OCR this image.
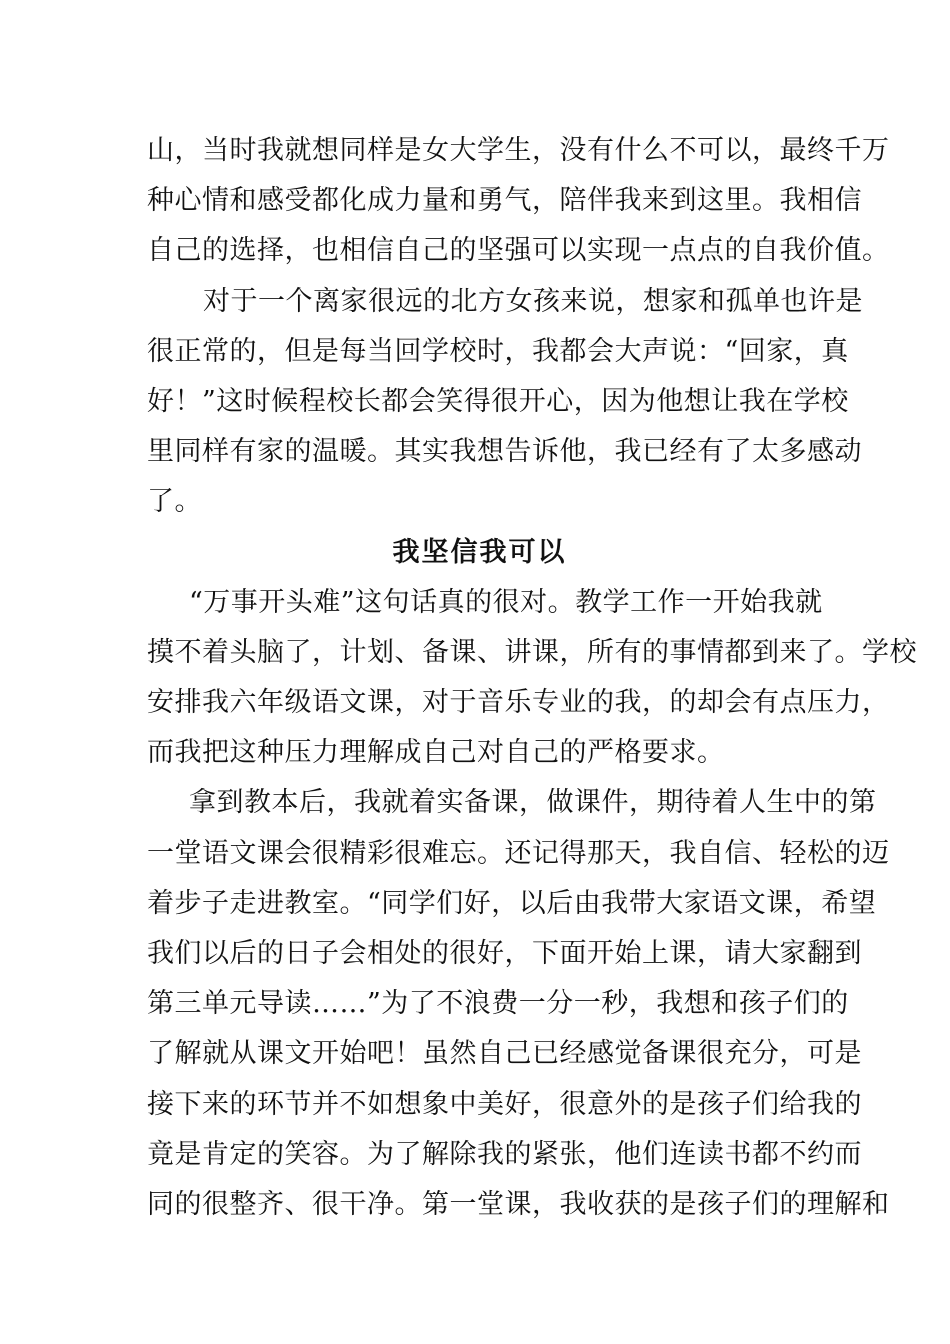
山，当时我就想同样是女大学生，没有什么不可以，最终千万
种心情和感受都化成力量和勇气，陪伴我来到这里。我相信
自己的选择，也相信自己的坚强可以实现一点点的自我价值。
对于一个离家很远的北方女孩来说，想家和孤单也许是
很正常的，但是每当回学校时，我都会大声说：“回家，真
好！”这时候程校长都会笑得很开心，因为他想让我在学校
里同样有家的温暖。其实我想告诉他，我已经有了太多感动
了。
我坚信我可以
“万事开头难”这句话真的很对。教学工作一开始我就
摸不着头脑了，计划、备课、讲课，所有的事情都到来了。学校
安排我六年级语文课，对于音乐专业的我，的却会有点压力，
而我把这种压力理解成自己对自己的严格要求。
拿到教本后，我就着实备课，做课件，期待着人生中的第
一堂语文课会很精彩很难忘。还记得那天，我自信、轻松的迈
着步子走进教室。“同学们好，以后由我带大家语文课，希望
我们以后的日子会相处的很好，下面开始上课，请大家翻到
第三单元导读……”为了不浪费一分一秒，我想和孩子们的
了解就从课文开始吧！虽然自己已经感觉备课很充分，可是
接下来的环节并不如想象中美好，很意外的是孩子们给我的
竟是肯定的笑容。为了解除我的紧张，他们连读书都不约而
同的很整齐、很干净。第一堂课，我收获的是孩子们的理解和
